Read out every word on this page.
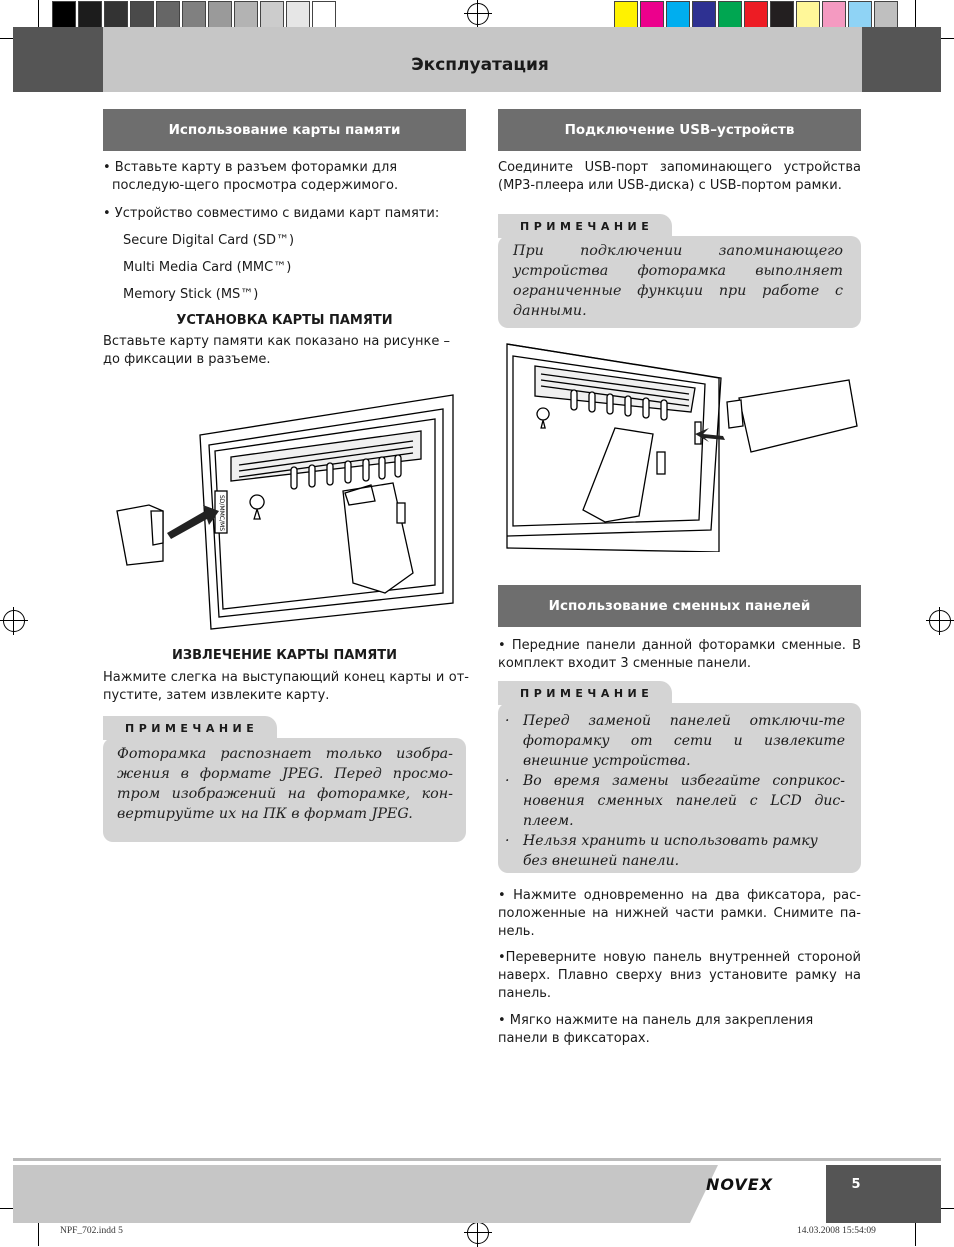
Эксплуатация
Использование карты памяти
• Вставьте карту в разъем фоторамки для последую-щего просмотра содержимого.
• Устройство совместимо с видами карт памяти:
Secure Digital Card (SD™)
Multi Media Card (MMC™)
Memory Stick (MS™)
УСТАНОВКА КАРТЫ ПАМЯТИ
Вставьте карту памяти как показано на рисунке – до фиксации в разъеме.
SD/MMC/MS
ИЗВЛЕЧЕНИЕ КАРТЫ ПАМЯТИ
Нажмите слегка на выступающий конец карты и от-пустите, затем извлеките карту.
ПРИМЕЧАНИЕ
Фоторамка распознает только изобра-жения в формате JPEG. Перед просмо-тром изображений на фоторамке, кон-вертируйте их на ПК в формат JPEG.
Подключение USB–устройств
Соедините USB-порт запоминающего устройства (MP3-плеера или USB-диска) с USB-портом рамки.
ПРИМЕЧАНИЕ
При подключении запоминающего устройства фоторамка выполняет ограниченные функции при работе с данными.
Использование сменных панелей
• Передние панели данной фоторамки сменные. В комплект входит 3 сменные панели.
ПРИМЕЧАНИЕ
· Перед заменой панелей отключи-те фоторамку от сети и извлеките внешние устройства.
· Во время замены избегайте соприкос-новения сменных панелей с LCD дис-плеем.
· Нельзя хранить и использовать рамку без внешней панели.
• Нажмите одновременно на два фиксатора, рас-положенные на нижней части рамки. Снимите па-нель.
•Переверните новую панель внутренней стороной наверх. Плавно сверху вниз установите рамку на панель.
• Мягко нажмите на панель для закрепления панели в фиксаторах.
NOVEX	5
NPF_702.indd 5	14.03.2008 15:54:09
